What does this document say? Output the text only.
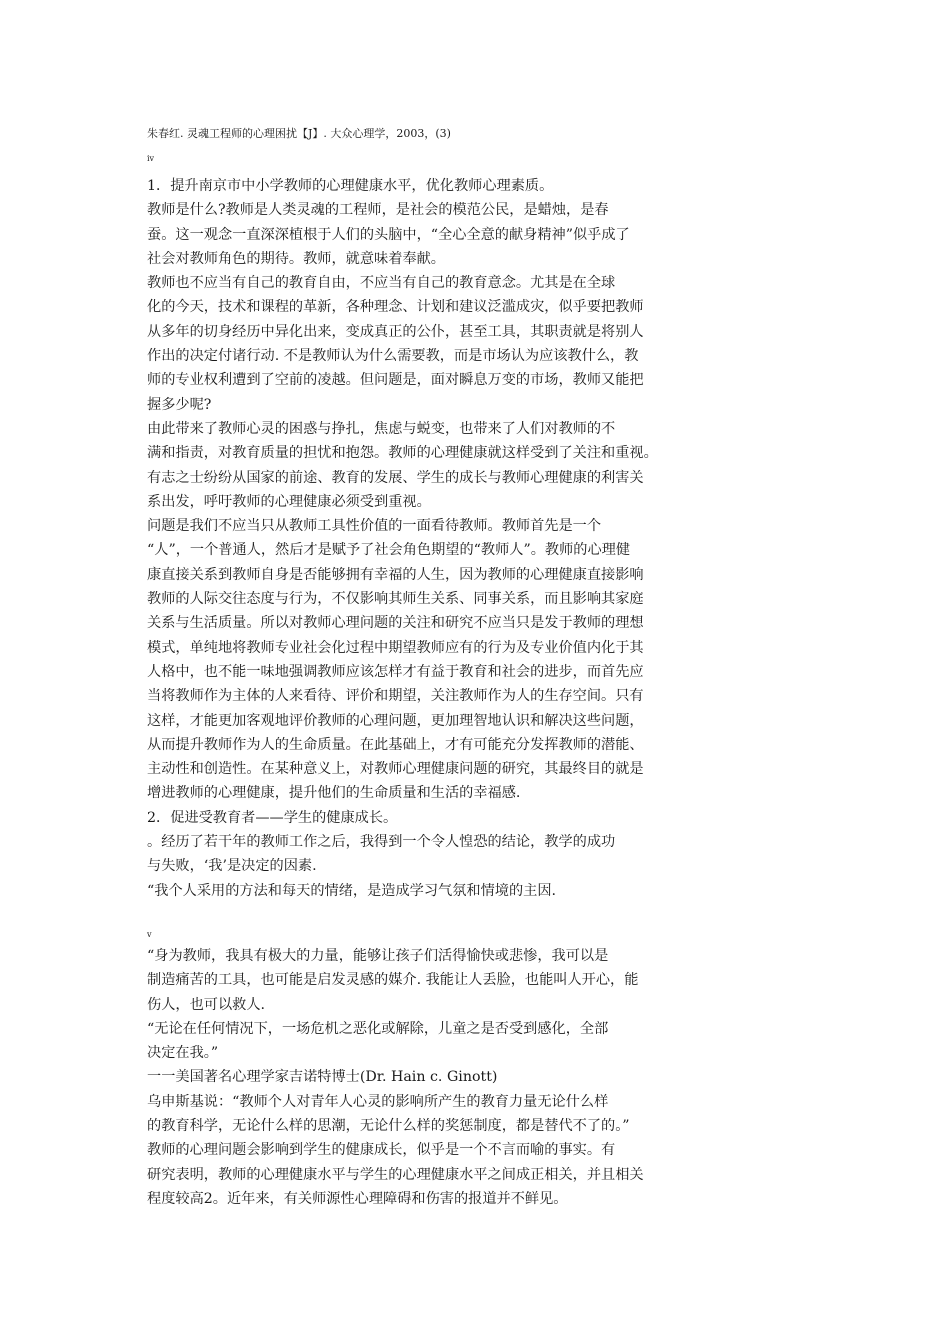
朱春红. 灵魂工程师的心理困扰【J】. 大众心理学，2003，(3)
iv
1．提升南京市中小学教师的心理健康水平，优化教师心理素质。
教师是什么?教师是人类灵魂的工程师，是社会的模范公民，是蜡烛，是春
蚕。这一观念一直深深植根于人们的头脑中，“全心全意的献身精神”似乎成了
社会对教师角色的期待。教师，就意味着奉献。
教师也不应当有自己的教育自由，不应当有自己的教育意念。尤其是在全球
化的今天，技术和课程的革新，各种理念、计划和建议泛滥成灾，似乎要把教师
从多年的切身经历中异化出来，变成真正的公仆，甚至工具，其职责就是将别人
作出的决定付诸行动. 不是教师认为什么需要教，而是市场认为应该教什么，教
师的专业权利遭到了空前的凌越。但问题是，面对瞬息万变的市场，教师又能把
握多少呢?
由此带来了教师心灵的困惑与挣扎，焦虑与蜕变，也带来了人们对教师的不
满和指责，对教育质量的担忧和抱怨。教师的心理健康就这样受到了关注和重视。
有志之士纷纷从国家的前途、教育的发展、学生的成长与教师心理健康的利害关
系出发，呼吁教师的心理健康必须受到重视。
问题是我们不应当只从教师工具性价值的一面看待教师。教师首先是一个
“人”，一个普通人，然后才是赋予了社会角色期望的“教师人”。教师的心理健
康直接关系到教师自身是否能够拥有幸福的人生，因为教师的心理健康直接影响
教师的人际交往态度与行为，不仅影响其师生关系、同事关系，而且影响其家庭
关系与生活质量。所以对教师心理问题的关注和研究不应当只是发于教师的理想
模式，单纯地将教师专业社会化过程中期望教师应有的行为及专业价值内化于其
人格中，也不能一味地强调教师应该怎样才有益于教育和社会的进步，而首先应
当将教师作为主体的人来看待、评价和期望，关注教师作为人的生存空间。只有
这样，才能更加客观地评价教师的心理问题，更加理智地认识和解决这些问题，
从而提升教师作为人的生命质量。在此基础上，才有可能充分发挥教师的潜能、
主动性和创造性。在某种意义上，对教师心理健康问题的研究，其最终目的就是
增进教师的心理健康，提升他们的生命质量和生活的幸福感.
2．促进受教育者——学生的健康成长。
。经历了若干年的教师工作之后，我得到一个令人惶恐的结论，教学的成功
与失败，‘我’是决定的因素.
“我个人采用的方法和每天的情绪，是造成学习气氛和情境的主因.
v
“身为教师，我具有极大的力量，能够让孩子们活得愉快或悲惨，我可以是
制造痛苦的工具，也可能是启发灵感的媒介. 我能让人丢脸，也能叫人开心，能
伤人，也可以救人.
“无论在任何情况下，一场危机之恶化或解除，儿童之是否受到感化，全部
决定在我。”
一一美国著名心理学家吉诺特博士(Dr. Hain c. Ginott)
乌申斯基说：“教师个人对青年人心灵的影响所产生的教育力量无论什么样
的教育科学，无论什么样的思潮，无论什么样的奖惩制度，都是替代不了的。”
教师的心理问题会影响到学生的健康成长，似乎是一个不言而喻的事实。有
研究表明，教师的心理健康水平与学生的心理健康水平之间成正相关，并且相关
程度较高2。近年来，有关师源性心理障碍和伤害的报道并不鲜见。
